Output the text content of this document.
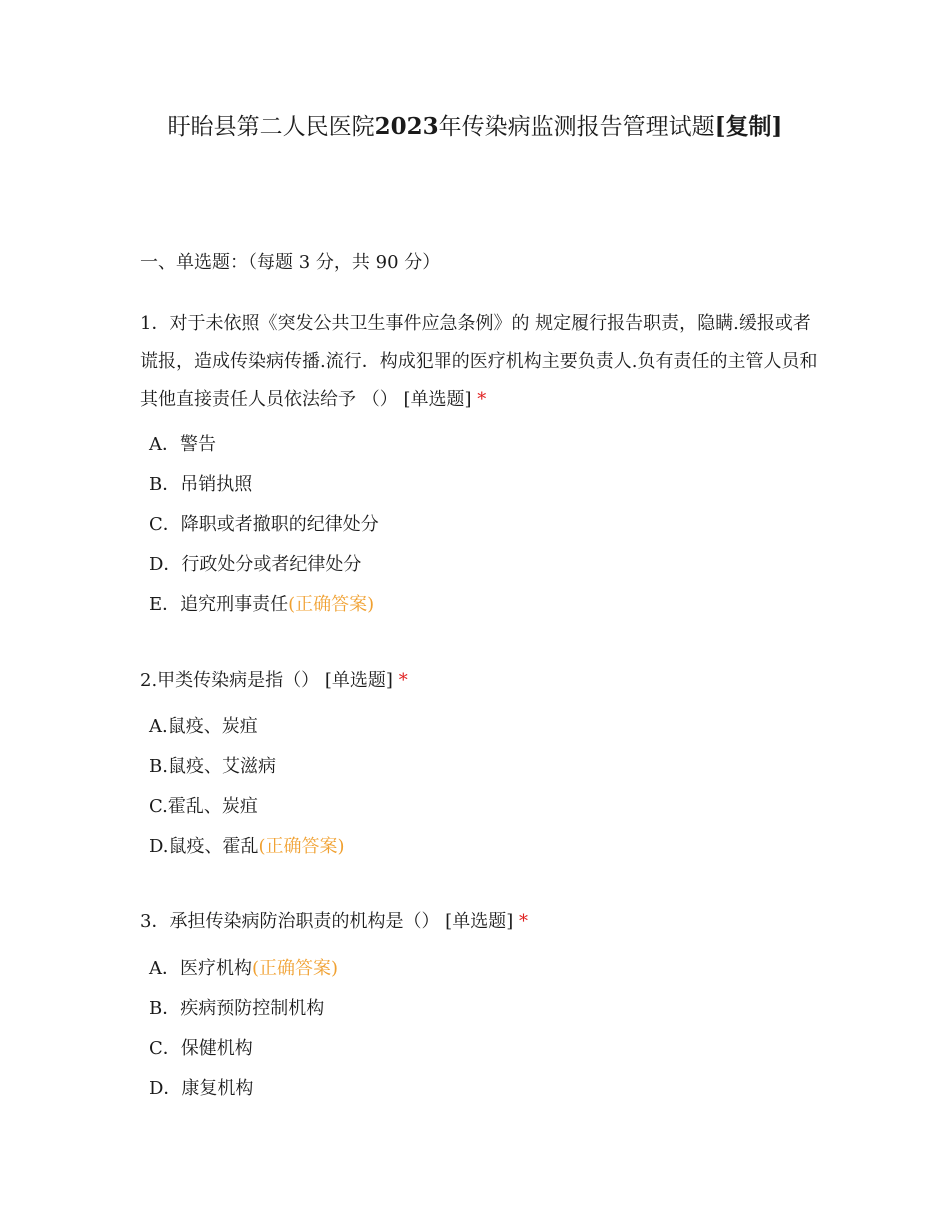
盱眙县第二人民医院2023年传染病监测报告管理试题[复制]
一、单选题：（每题 3 分，共 90 分）
1．对于未依照《突发公共卫生事件应急条例》的 规定履行报告职责，隐瞒.缓报或者谎报，造成传染病传播.流行．构成犯罪的医疗机构主要负责人.负有责任的主管人员和其他直接责任人员依法给予 （） [单选题] *
A．警告
B．吊销执照
C．降职或者撤职的纪律处分
D．行政处分或者纪律处分
E．追究刑事责任(正确答案)
2.甲类传染病是指（） [单选题] *
A.鼠疫、炭疽
B.鼠疫、艾滋病
C.霍乱、炭疽
D.鼠疫、霍乱(正确答案)
3．承担传染病防治职责的机构是（） [单选题] *
A．医疗机构(正确答案)
B．疾病预防控制机构
C．保健机构
D．康复机构
